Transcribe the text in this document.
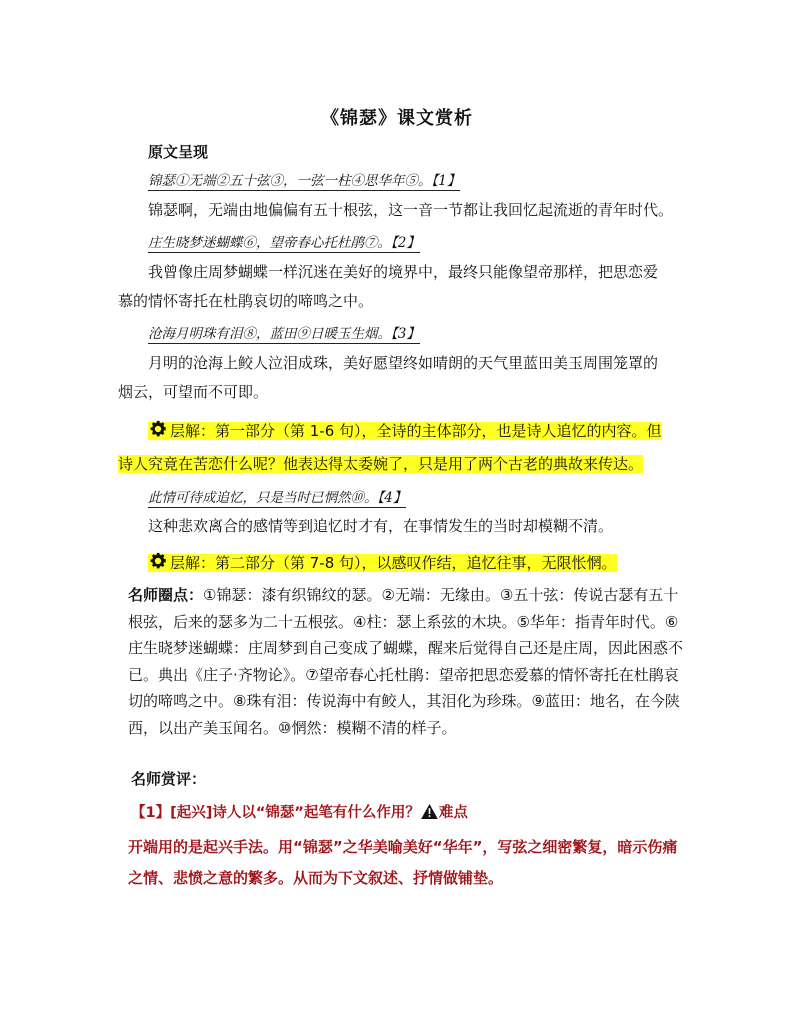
《锦瑟》课文赏析
原文呈现
锦瑟①无端②五十弦③，一弦一柱④思华年⑤。【1】
锦瑟啊，无端由地偏偏有五十根弦，这一音一节都让我回忆起流逝的青年时代。
庄生晓梦迷蝴蝶⑥，望帝春心托杜鹃⑦。【2】
我曾像庄周梦蝴蝶一样沉迷在美好的境界中，最终只能像望帝那样，把思恋爱
慕的情怀寄托在杜鹃哀切的啼鸣之中。
沧海月明珠有泪⑧，蓝田⑨日暖玉生烟。【3】
月明的沧海上鲛人泣泪成珠，美好愿望终如晴朗的天气里蓝田美玉周围笼罩的
烟云，可望而不可即。
层解：第一部分（第 1-6 句），全诗的主体部分，也是诗人追忆的内容。但
诗人究竟在苦恋什么呢？他表达得太委婉了，只是用了两个古老的典故来传达。
此情可待成追忆，只是当时已惘然⑩。【4】
这种悲欢离合的感情等到追忆时才有，在事情发生的当时却模糊不清。
层解：第二部分（第 7-8 句），以感叹作结，追忆往事，无限怅惘。
名师圈点：①锦瑟：漆有织锦纹的瑟。②无端：无缘由。③五十弦：传说古瑟有五十根弦，后来的瑟多为二十五根弦。④柱：瑟上系弦的木块。⑤华年：指青年时代。⑥庄生晓梦迷蝴蝶：庄周梦到自己变成了蝴蝶，醒来后觉得自己还是庄周，因此困惑不已。典出《庄子·齐物论》。⑦望帝春心托杜鹃：望帝把思恋爱慕的情怀寄托在杜鹃哀切的啼鸣之中。⑧珠有泪：传说海中有鲛人，其泪化为珍珠。⑨蓝田：地名，在今陕西，以出产美玉闻名。⑩惘然：模糊不清的样子。
名师赏评：
【1】[起兴]诗人以“锦瑟”起笔有什么作用？ 难点
开端用的是起兴手法。用“锦瑟”之华美喻美好“华年”，写弦之细密繁复，暗示伤痛之情、悲愤之意的繁多。从而为下文叙述、抒情做铺垫。
